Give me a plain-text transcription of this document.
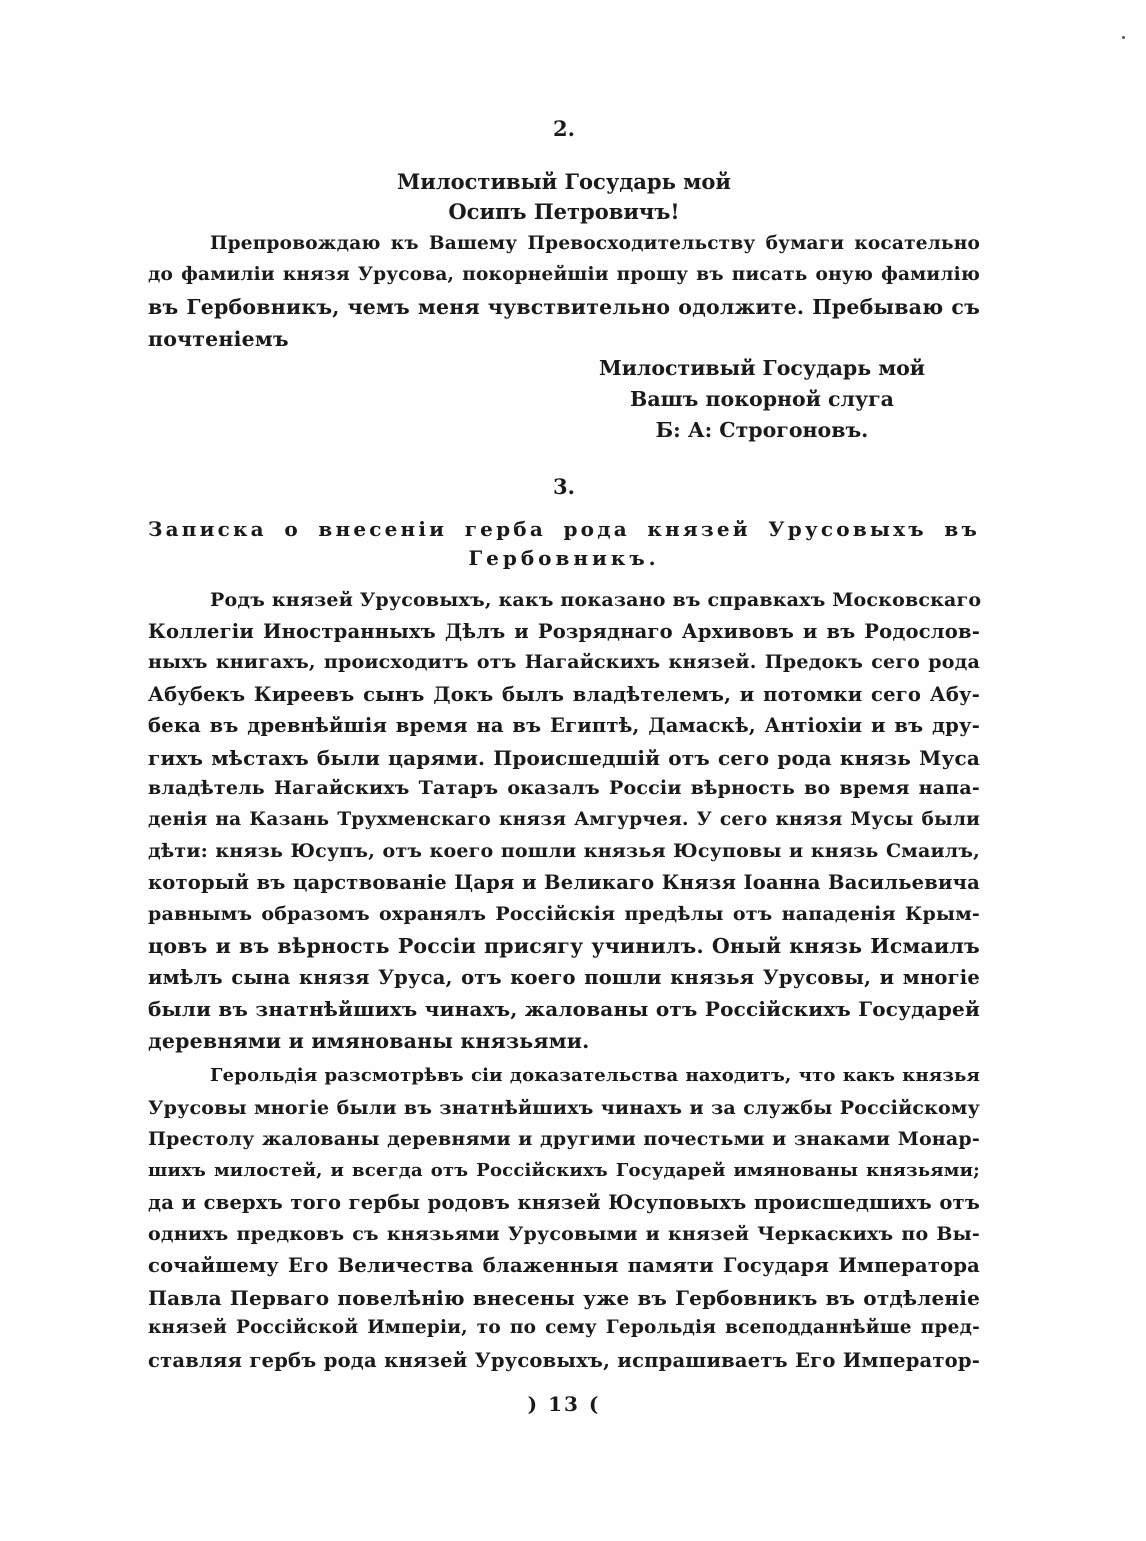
2.
Милостивый Государь мой
Осипъ Петровичъ!
Препровождаю къ Вашему Превосходительству бумаги косательно
до фамиліи князя Урусова, покорнейшіи прошу въ писать оную фамилію
въ Гербовникъ, чемъ меня чувствительно одолжите. Пребываю съ
почтеніемъ
Милостивый Государь мой
Вашъ покорной слуга
Б: А: Строгоновъ.
3.
Записка о внесеніи герба рода князей Урусовыхъ въ
Гербовникъ.
Родъ князей Урусовыхъ, какъ показано въ справкахъ Московскаго
Коллегіи Иностранныхъ Дѣлъ и Розряднаго Архивовъ и въ Родослов-
ныхъ книгахъ, происходитъ отъ Нагайскихъ князей. Предокъ сего рода
Абубекъ Киреевъ сынъ Докъ былъ владѣтелемъ, и потомки сего Абу-
бека въ древнѣйшія время на въ Египтѣ, Дамаскѣ, Антіохіи и въ дру-
гихъ мѣстахъ были царями. Происшедшій отъ сего рода князь Муса
владѣтель Нагайскихъ Татаръ оказалъ Россіи вѣрность во время напа-
денія на Казань Трухменскаго князя Амгурчея. У сего князя Мусы были
дѣти: князь Юсупъ, отъ коего пошли князья Юсуповы и князь Смаилъ,
который въ царствованіе Царя и Великаго Князя Іоанна Васильевича
равнымъ образомъ охранялъ Россійскія предѣлы отъ нападенія Крым-
цовъ и въ вѣрность Россіи присягу учинилъ. Оный князь Исмаилъ
имѣлъ сына князя Уруса, отъ коего пошли князья Урусовы, и многіе
были въ знатнѣйшихъ чинахъ, жалованы отъ Россійскихъ Государей
деревнями и имянованы князьями.
Герольдія разсмотрѣвъ сіи доказательства находитъ, что какъ князья
Урусовы многіе были въ знатнѣйшихъ чинахъ и за службы Россійскому
Престолу жалованы деревнями и другими почестьми и знаками Монар-
шихъ милостей, и всегда отъ Россійскихъ Государей имянованы князьями;
да и сверхъ того гербы родовъ князей Юсуповыхъ происшедшихъ отъ
однихъ предковъ съ князьями Урусовыми и князей Черкаскихъ по Вы-
сочайшему Его Величества блаженныя памяти Государя Императора
Павла Перваго повелѣнію внесены уже въ Гербовникъ въ отдѣленіе
князей Россійской Имперіи, то по сему Герольдія всеподданнѣйше пред-
ставляя гербъ рода князей Урусовыхъ, испрашиваетъ Его Император-
) 13 (
